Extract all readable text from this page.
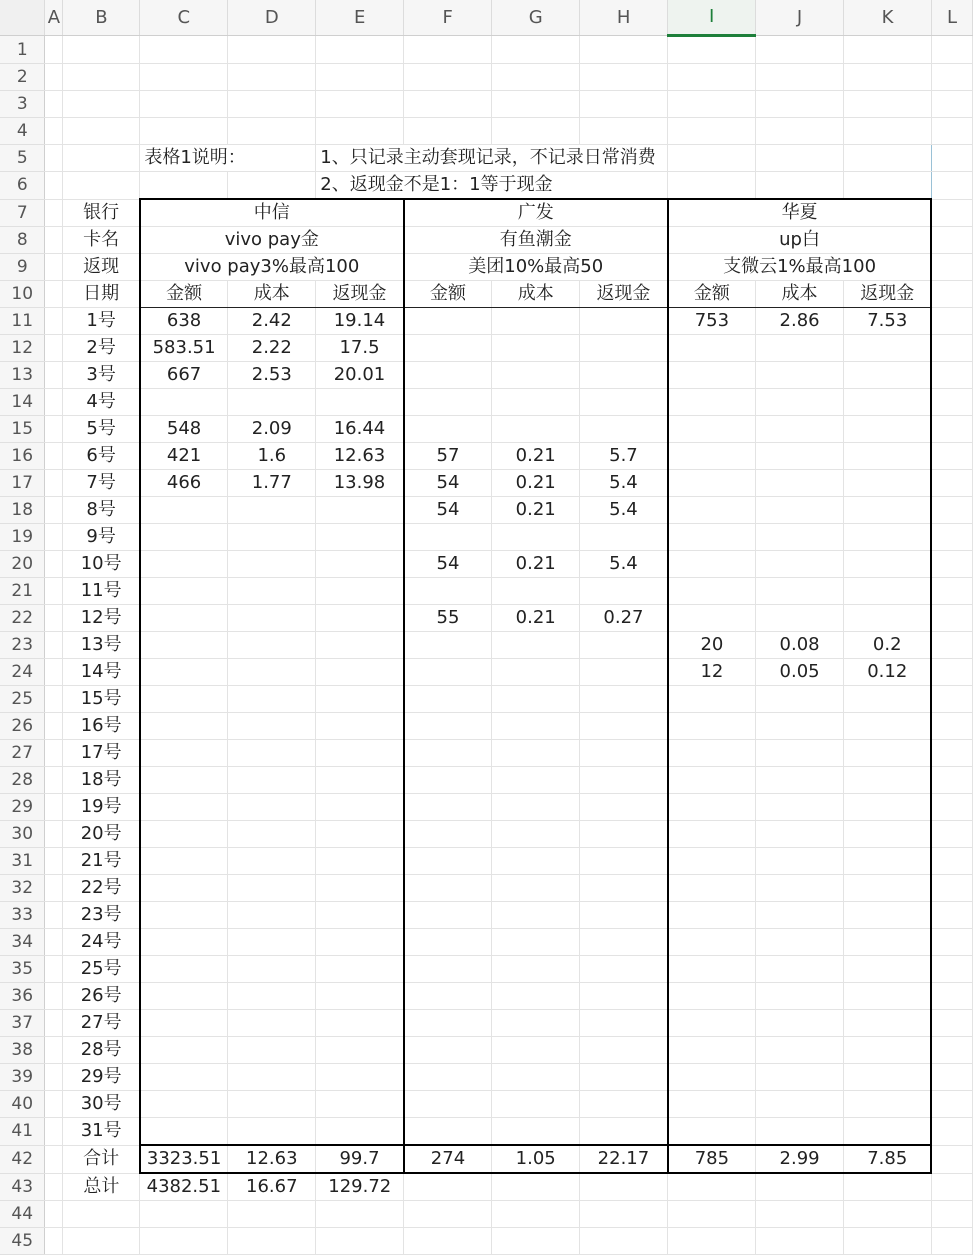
	A	B	C	D	E	F	G	H	I	J	K	L
1												
2												
3												
4												
5			表格1说明：		1、只记录主动套现记录，不记录日常消费							
6					2、返现金不是1：1等于现金							
7		银行	中信			广发			华夏			
8		卡名	vivo pay金			有鱼潮金			up白			
9		返现	vivo pay3%最高100			美团10%最高50			支微云1%最高100			
10		日期	金额	成本	返现金	金额	成本	返现金	金额	成本	返现金	
11		1号	638	2.42	19.14				753	2.86	7.53	
12		2号	583.51	2.22	17.5							
13		3号	667	2.53	20.01							
14		4号										
15		5号	548	2.09	16.44							
16		6号	421	1.6	12.63	57	0.21	5.7				
17		7号	466	1.77	13.98	54	0.21	5.4				
18		8号				54	0.21	5.4				
19		9号										
20		10号				54	0.21	5.4				
21		11号										
22		12号				55	0.21	0.27				
23		13号							20	0.08	0.2	
24		14号							12	0.05	0.12	
25		15号										
26		16号										
27		17号										
28		18号										
29		19号										
30		20号										
31		21号										
32		22号										
33		23号										
34		24号										
35		25号										
36		26号										
37		27号										
38		28号										
39		29号										
40		30号										
41		31号										
42		合计	3323.51	12.63	99.7	274	1.05	22.17	785	2.99	7.85	
43		总计	4382.51	16.67	129.72							
44												
45												
